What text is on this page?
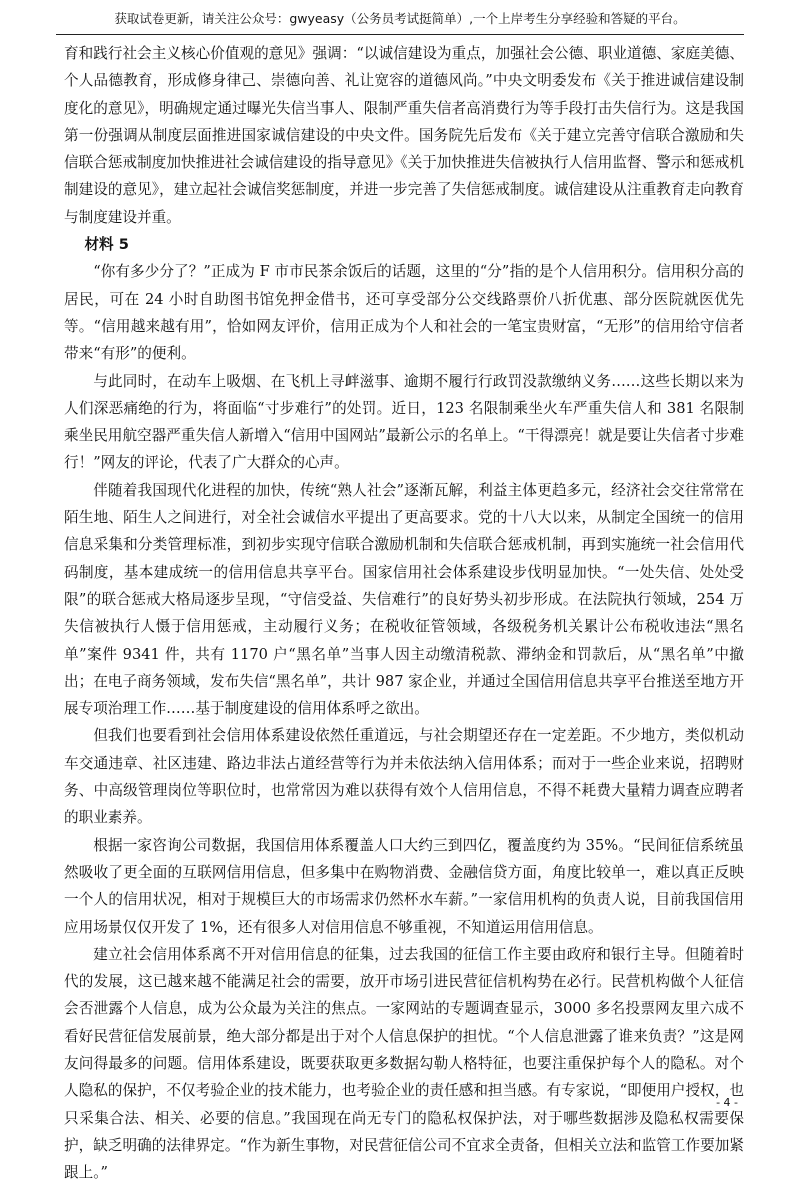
获取试卷更新，请关注公众号：gwyeasy（公务员考试挺简单）,一个上岸考生分享经验和答疑的平台。

育和践行社会主义核心价值观的意见》强调：“以诚信建设为重点，加强社会公德、职业道德、家庭美德、个人品德教育，形成修身律己、崇德向善、礼让宽容的道德风尚。”中央文明委发布《关于推进诚信建设制度化的意见》，明确规定通过曝光失信当事人、限制严重失信者高消费行为等手段打击失信行为。这是我国第一份强调从制度层面推进国家诚信建设的中央文件。国务院先后发布《关于建立完善守信联合激励和失信联合惩戒制度加快推进社会诚信建设的指导意见》《关于加快推进失信被执行人信用监督、警示和惩戒机制建设的意见》，建立起社会诚信奖惩制度，并进一步完善了失信惩戒制度。诚信建设从注重教育走向教育与制度建设并重。

材料 5

“你有多少分了？”正成为 F 市市民茶余饭后的话题，这里的“分”指的是个人信用积分。信用积分高的居民，可在 24 小时自助图书馆免押金借书，还可享受部分公交线路票价八折优惠、部分医院就医优先等。“信用越来越有用”，恰如网友评价，信用正成为个人和社会的一笔宝贵财富，“无形”的信用给守信者带来“有形”的便利。

与此同时，在动车上吸烟、在飞机上寻衅滋事、逾期不履行行政罚没款缴纳义务……这些长期以来为人们深恶痛绝的行为，将面临“寸步难行”的处罚。近日，123 名限制乘坐火车严重失信人和 381 名限制乘坐民用航空器严重失信人新增入“信用中国网站”最新公示的名单上。“干得漂亮！就是要让失信者寸步难行！”网友的评论，代表了广大群众的心声。

伴随着我国现代化进程的加快，传统“熟人社会”逐渐瓦解，利益主体更趋多元，经济社会交往常常在陌生地、陌生人之间进行，对全社会诚信水平提出了更高要求。党的十八大以来，从制定全国统一的信用信息采集和分类管理标准，到初步实现守信联合激励机制和失信联合惩戒机制，再到实施统一社会信用代码制度，基本建成统一的信用信息共享平台。国家信用社会体系建设步伐明显加快。“一处失信、处处受限”的联合惩戒大格局逐步呈现，“守信受益、失信难行”的良好势头初步形成。在法院执行领域，254 万失信被执行人慑于信用惩戒，主动履行义务；在税收征管领域，各级税务机关累计公布税收违法“黑名单”案件 9341 件，共有 1170 户“黑名单”当事人因主动缴清税款、滞纳金和罚款后，从“黑名单”中撤出；在电子商务领域，发布失信“黑名单”，共计 987 家企业，并通过全国信用信息共享平台推送至地方开展专项治理工作……基于制度建设的信用体系呼之欲出。

但我们也要看到社会信用体系建设依然任重道远，与社会期望还存在一定差距。不少地方，类似机动车交通违章、社区违建、路边非法占道经营等行为并未依法纳入信用体系；而对于一些企业来说，招聘财务、中高级管理岗位等职位时，也常常因为难以获得有效个人信用信息，不得不耗费大量精力调查应聘者的职业素养。

根据一家咨询公司数据，我国信用体系覆盖人口大约三到四亿，覆盖度约为 35%。“民间征信系统虽然吸收了更全面的互联网信用信息，但多集中在购物消费、金融信贷方面，角度比较单一，难以真正反映一个人的信用状况，相对于规模巨大的市场需求仍然杯水车薪。”一家信用机构的负责人说，目前我国信用应用场景仅仅开发了 1%，还有很多人对信用信息不够重视，不知道运用信用信息。

建立社会信用体系离不开对信用信息的征集，过去我国的征信工作主要由政府和银行主导。但随着时代的发展，这已越来越不能满足社会的需要，放开市场引进民营征信机构势在必行。民营机构做个人征信会否泄露个人信息，成为公众最为关注的焦点。一家网站的专题调查显示，3000 多名投票网友里六成不看好民营征信发展前景，绝大部分都是出于对个人信息保护的担忧。“个人信息泄露了谁来负责？”这是网友问得最多的问题。信用体系建设，既要获取更多数据勾勒人格特征，也要注重保护每个人的隐私。对个人隐私的保护，不仅考验企业的技术能力，也考验企业的责任感和担当感。有专家说，“即便用户授权，也只采集合法、相关、必要的信息。”我国现在尚无专门的隐私权保护法，对于哪些数据涉及隐私权需要保护，缺乏明确的法律界定。“作为新生事物，对民营征信公司不宜求全责备，但相关立法和监管工作要加紧跟上。”

- 4 -
